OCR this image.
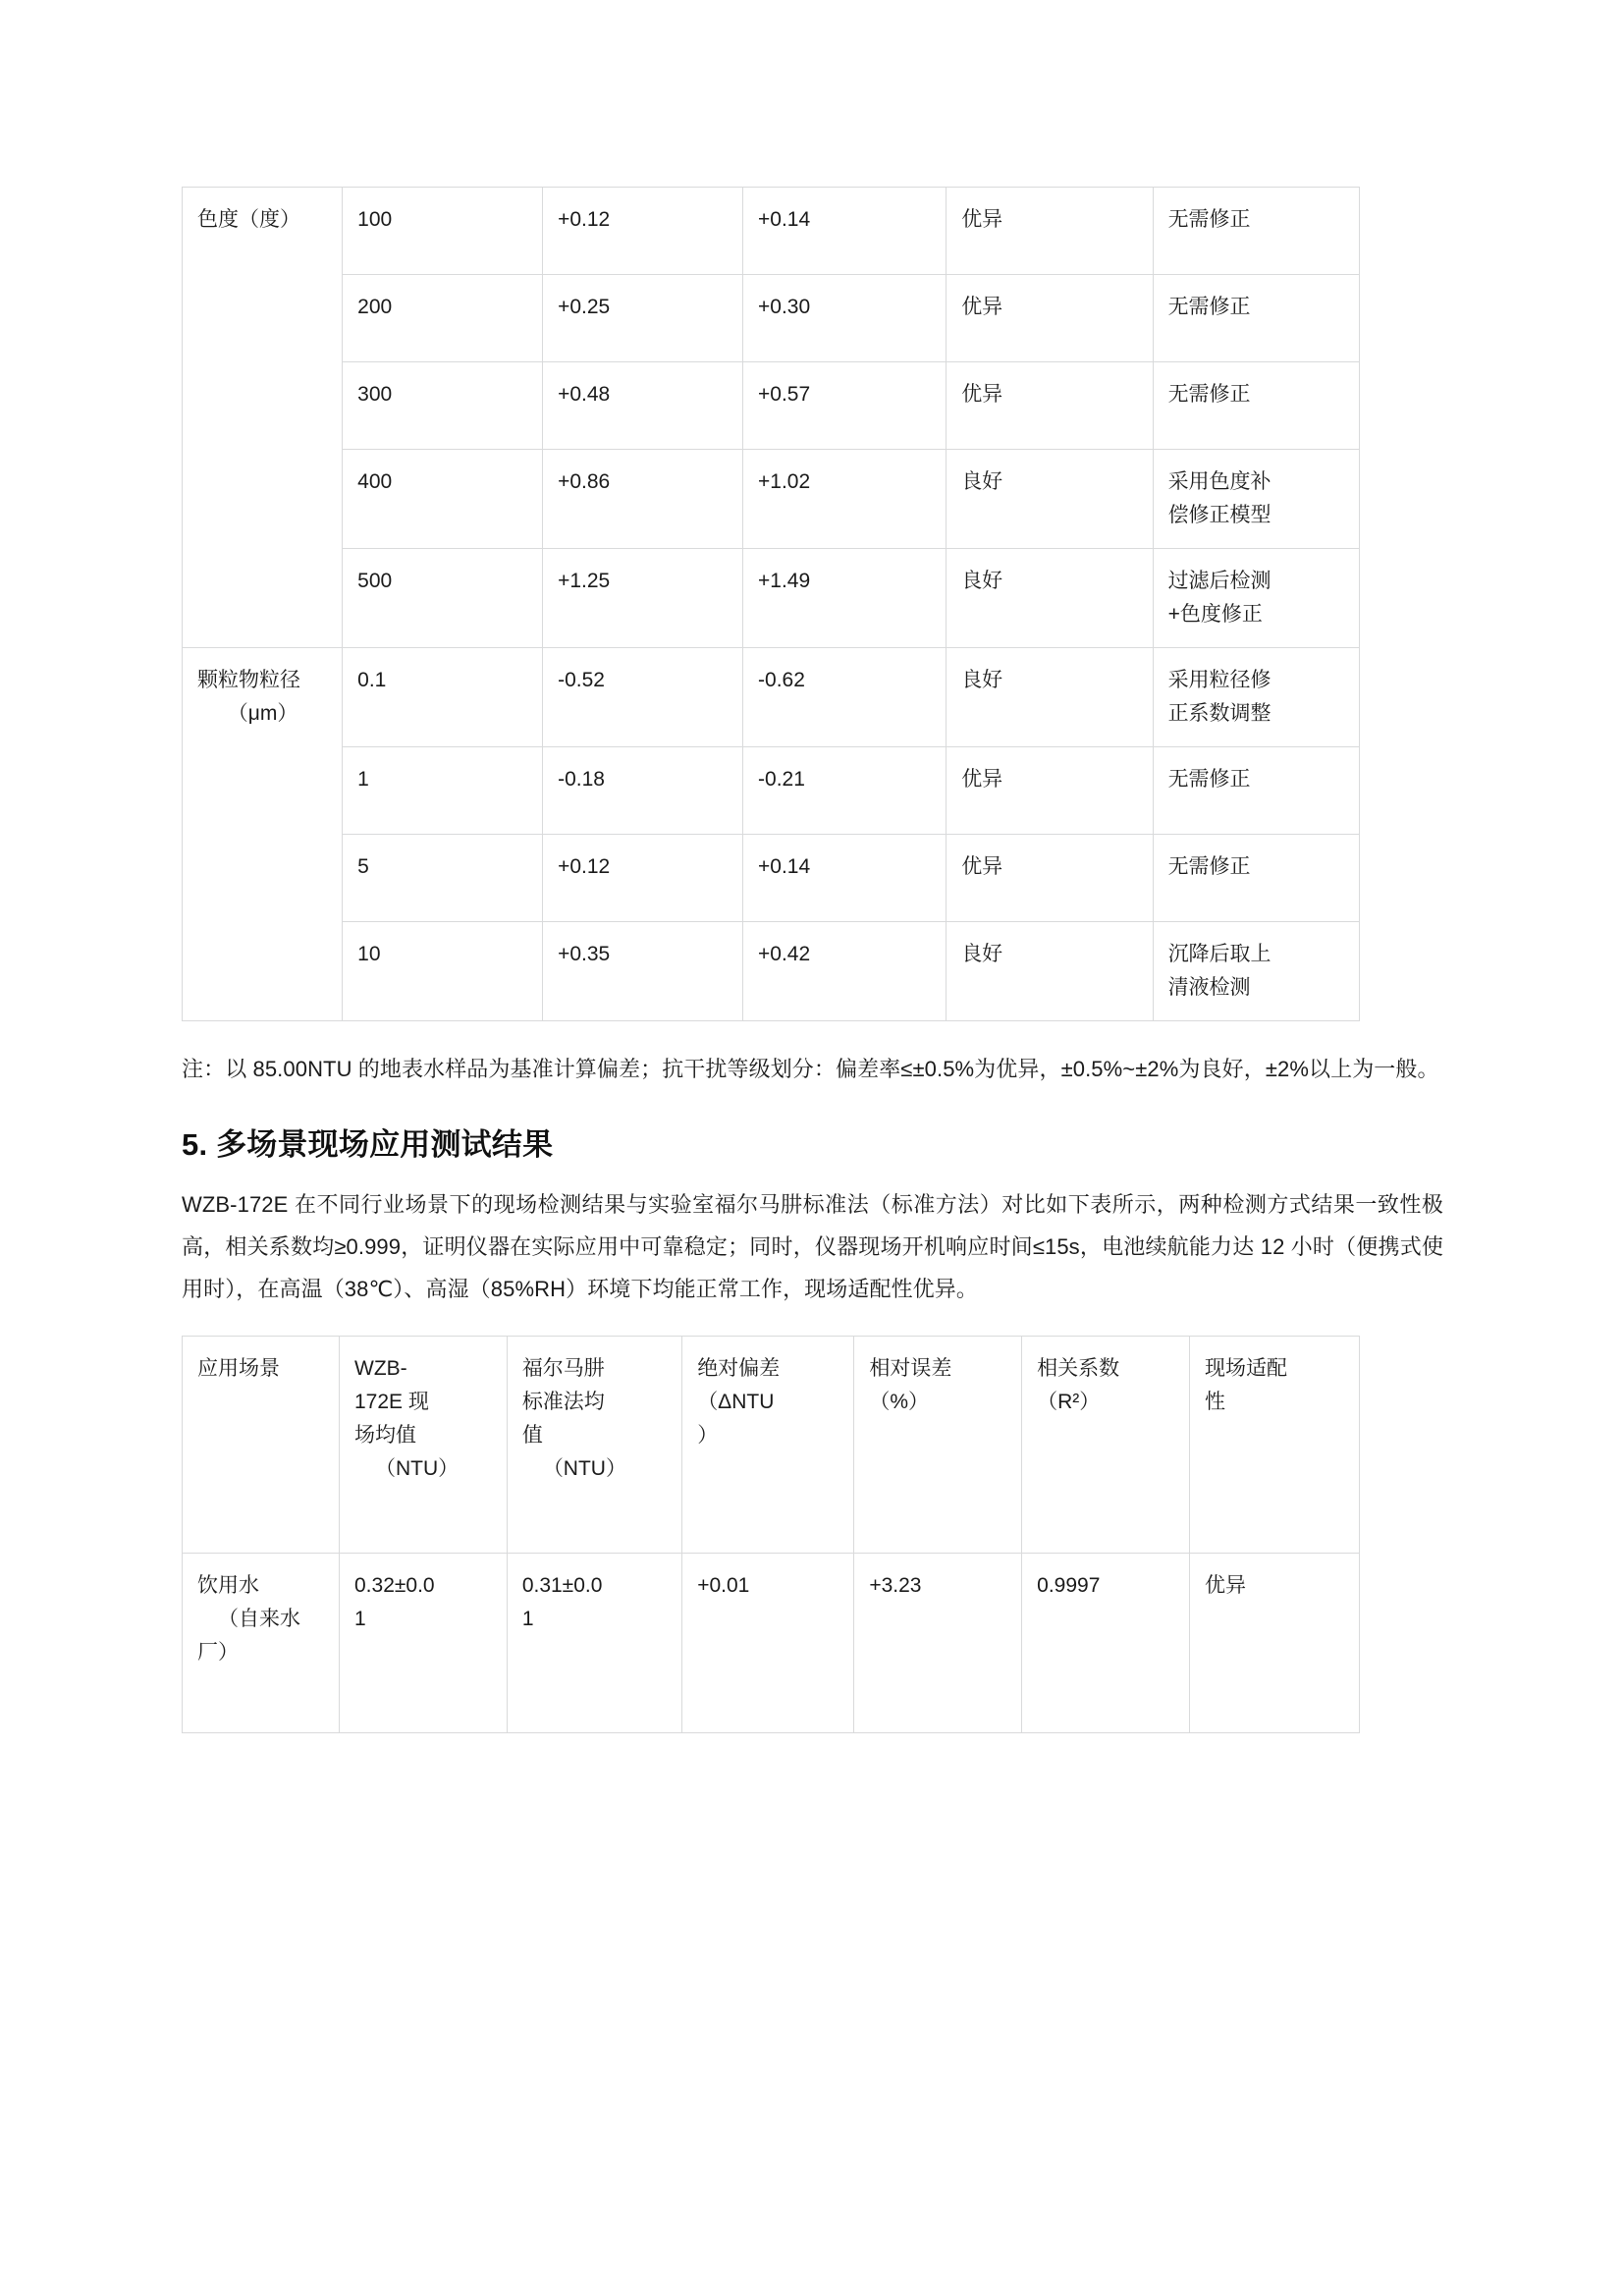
色度（度）	100	+0.12	+0.14	优异	无需修正
	200	+0.25	+0.30	优异	无需修正
	300	+0.48	+0.57	优异	无需修正
	400	+0.86	+1.02	良好	采用色度补
偿修正模型
	500	+1.25	+1.49	良好	过滤后检测
+色度修正
颗粒物粒径
（μm）	0.1	-0.52	-0.62	良好	采用粒径修
正系数调整
	1	-0.18	-0.21	优异	无需修正
	5	+0.12	+0.14	优异	无需修正
	10	+0.35	+0.42	良好	沉降后取上
清液检测

注：以 85.00NTU 的地表水样品为基准计算偏差；抗干扰等级划分：偏差率≤±0.5%为优异，±0.5%~±2%为良好，±2%以上为一般。

5. 多场景现场应用测试结果

WZB-172E 在不同行业场景下的现场检测结果与实验室福尔马肼标准法（标准方法）对比如下表所示，两种检测方式结果一致性极高，相关系数均≥0.999，证明仪器在实际应用中可靠稳定；同时，仪器现场开机响应时间≤15s，电池续航能力达 12 小时（便携式使用时），在高温（38℃）、高湿（85%RH）环境下均能正常工作，现场适配性优异。

应用场景	WZB-
172E 现
场均值

（NTU）	福尔马肼
标准法均
值

（NTU）	绝对偏差
（ΔNTU
）	相对误差
（%）	相关系数
（R²）	现场适配
性
饮用水

（自来水
厂）	0.32±0.0
1	0.31±0.0
1	+0.01	+3.23	0.9997	优异
